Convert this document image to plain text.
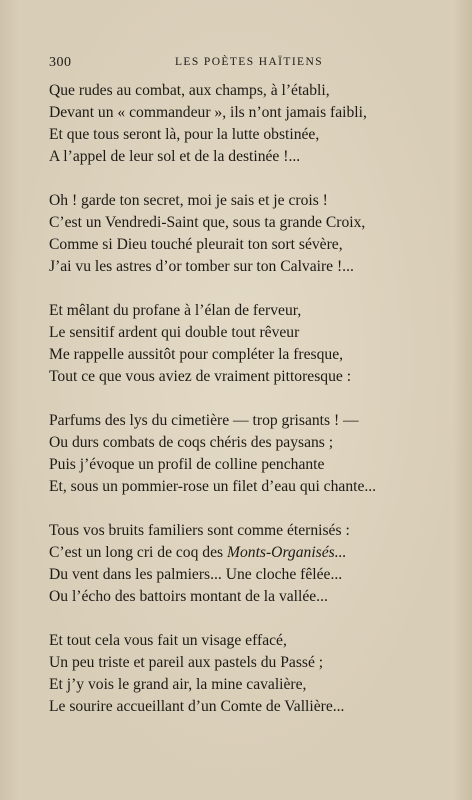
300	LES POÈTES HAÏTIENS
Que rudes au combat, aux champs, à l’établi,
Devant un « commandeur », ils n’ont jamais faibli,
Et que tous seront là, pour la lutte obstinée,
A l’appel de leur sol et de la destinée !...
Oh ! garde ton secret, moi je sais et je crois !
C’est un Vendredi-Saint que, sous ta grande Croix,
Comme si Dieu touché pleurait ton sort sévère,
J’ai vu les astres d’or tomber sur ton Calvaire !...
Et mêlant du profane à l’élan de ferveur,
Le sensitif ardent qui double tout rêveur
Me rappelle aussitôt pour compléter la fresque,
Tout ce que vous aviez de vraiment pittoresque :
Parfums des lys du cimetière — trop grisants ! —
Ou durs combats de coqs chéris des paysans ;
Puis j’évoque un profil de colline penchante
Et, sous un pommier-rose un filet d’eau qui chante...
Tous vos bruits familiers sont comme éternisés :
C’est un long cri de coq des Monts-Organisés...
Du vent dans les palmiers... Une cloche fêlée...
Ou l’écho des battoirs montant de la vallée...
Et tout cela vous fait un visage effacé,
Un peu triste et pareil aux pastels du Passé ;
Et j’y vois le grand air, la mine cavalière,
Le sourire accueillant d’un Comte de Vallière...
